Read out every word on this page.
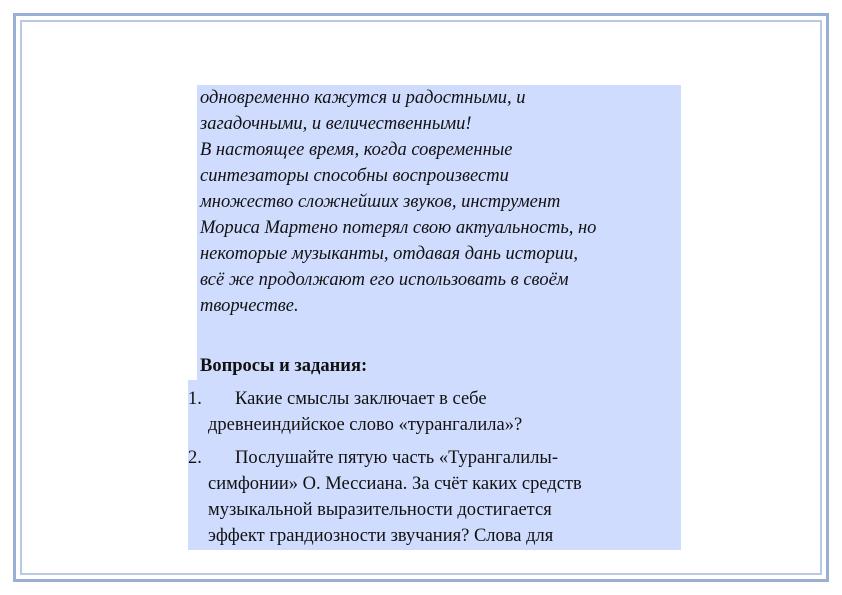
одновременно кажутся и радостными, и
загадочными, и величественными!
В настоящее время, когда современные
синтезаторы способны воспроизвести
множество сложнейших звуков, инструмент
Мориса Мартено потерял свою актуальность, но
некоторые музыканты, отдавая дань истории,
всё же продолжают его использовать в своём
творчестве.
Вопросы и задания:
1. Какие смыслы заключает в себе
древнеиндийское слово «турангалила»?
2. Послушайте пятую часть «Турангалилы-
симфонии» О. Мессиана. За счёт каких средств
музыкальной выразительности достигается
эффект грандиозности звучания? Слова для
